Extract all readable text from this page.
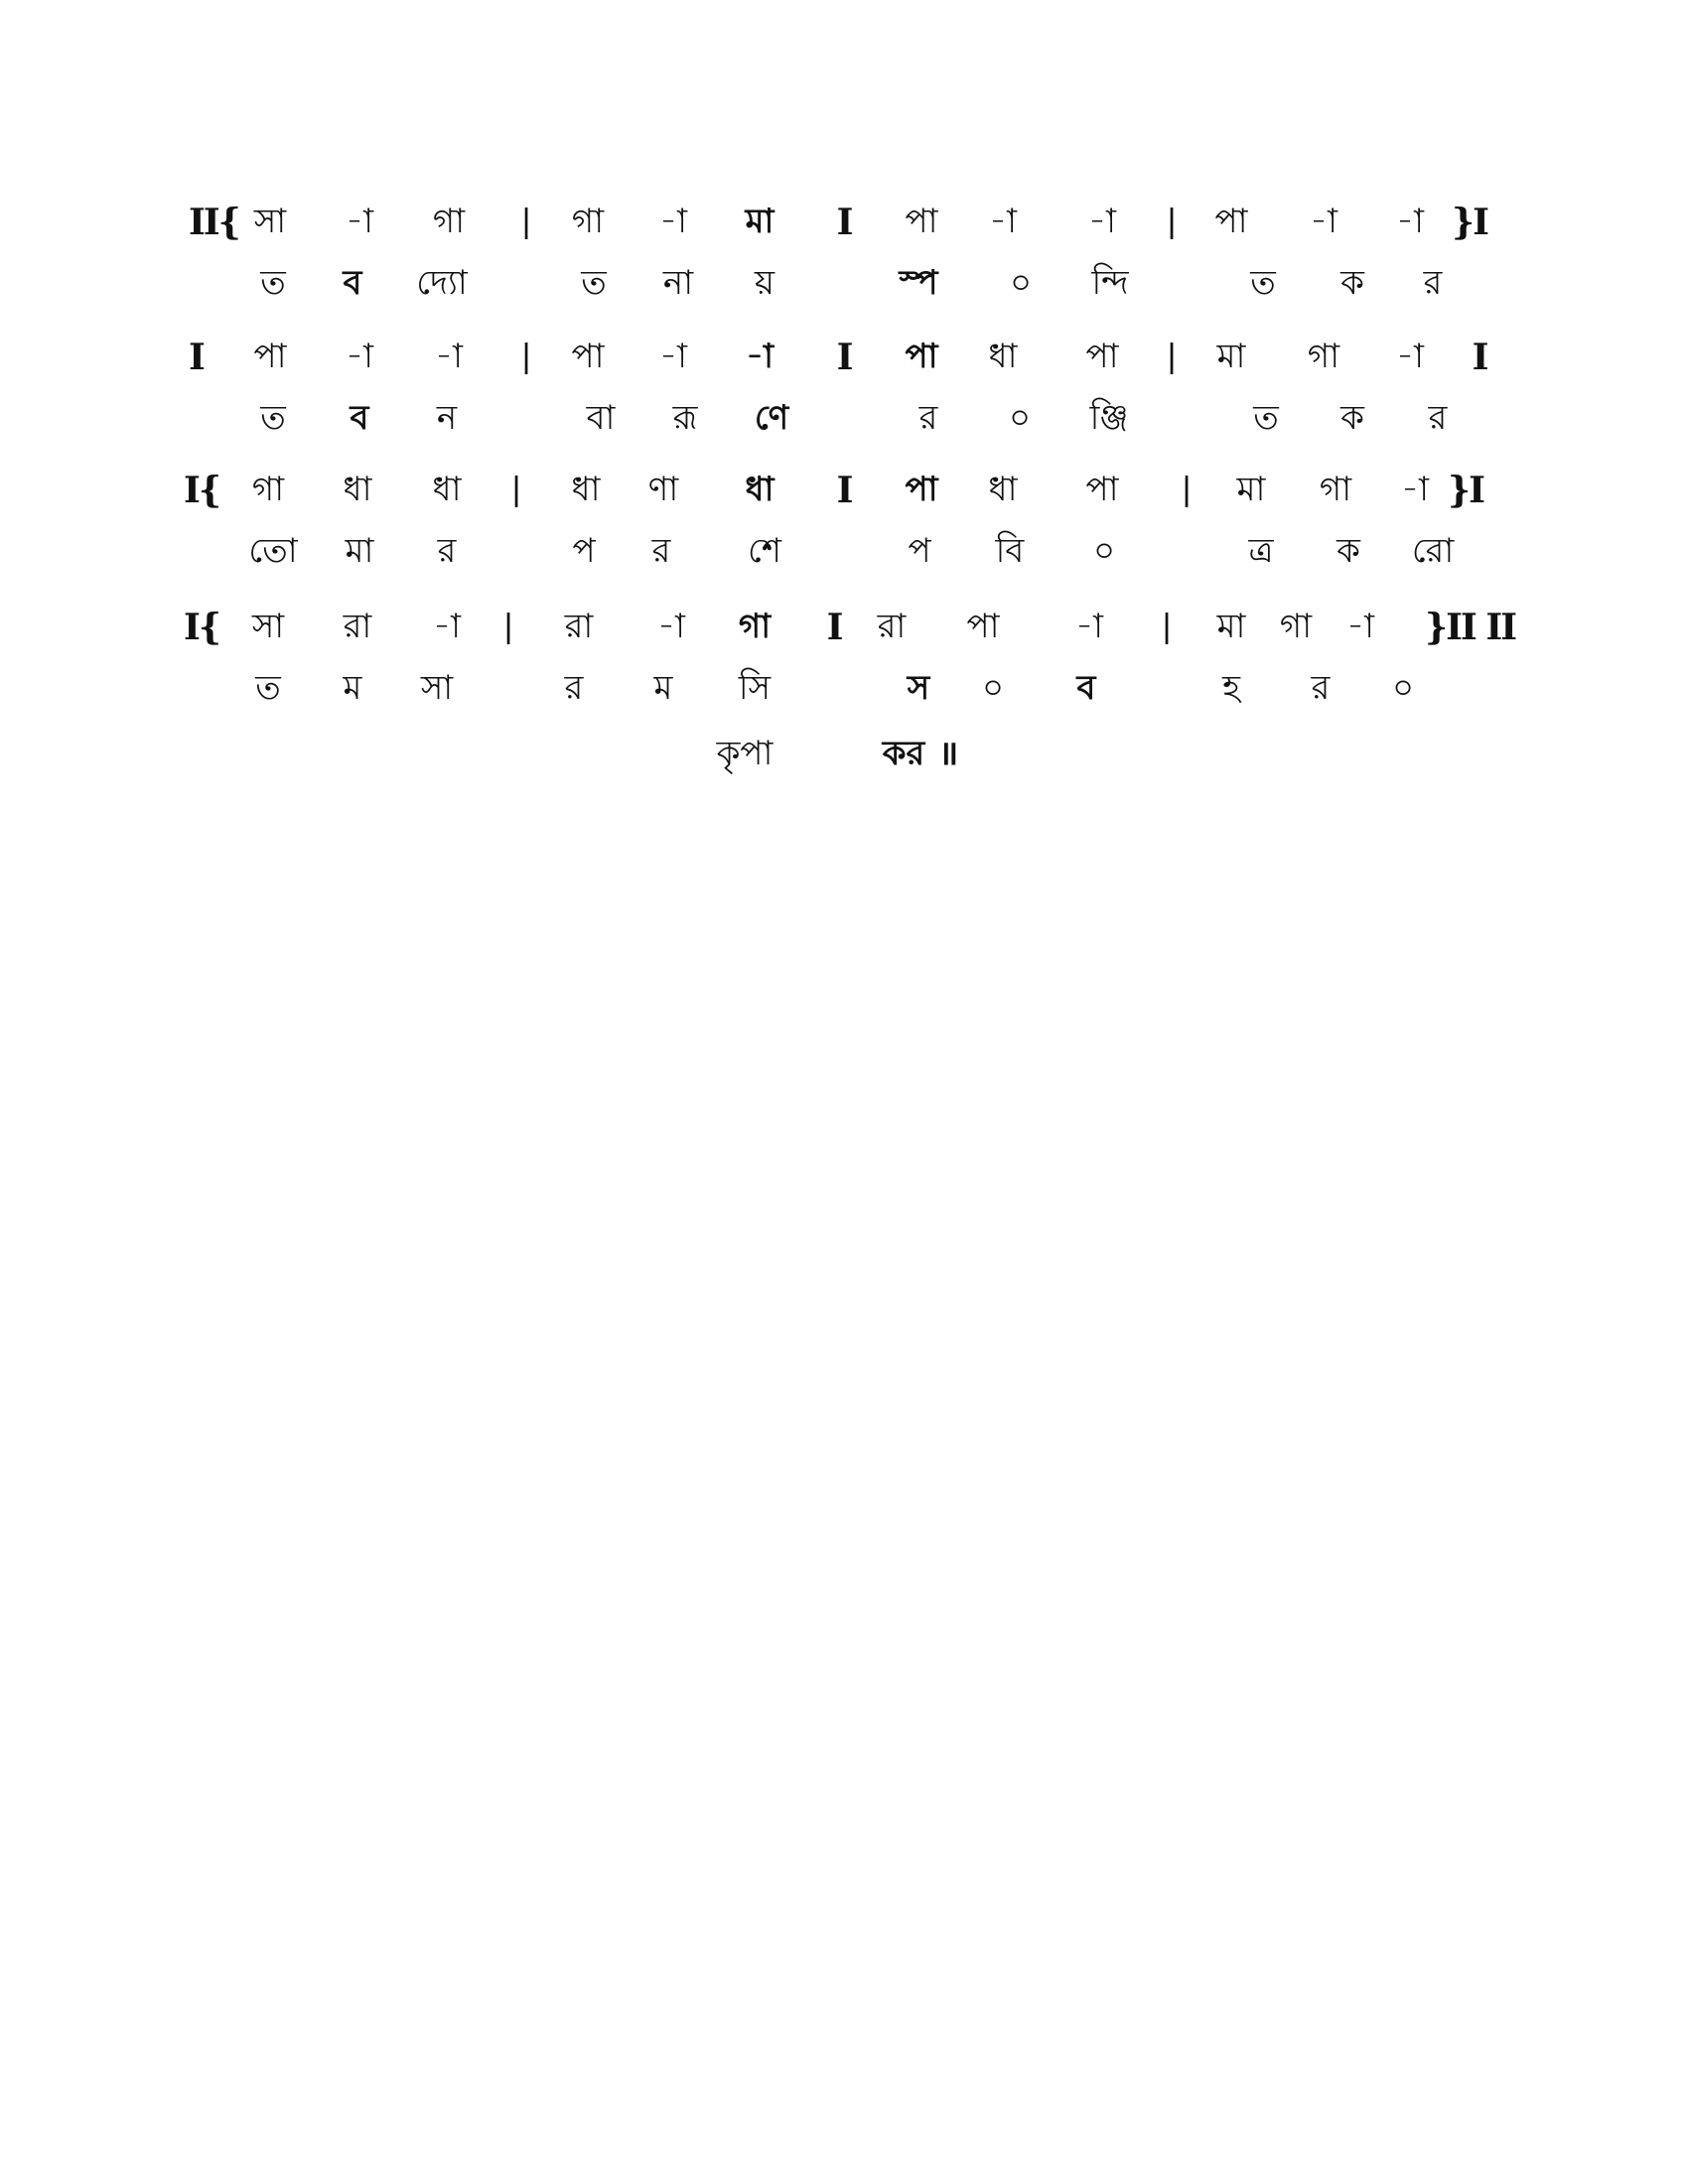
II{ সা -া গা | গা -া মা I পা -া -া | পা -া -া }I
ত ব দ্যো	ত না য়	স্প ০ ন্দি	ত ক র
I পা -া -া | পা -া -া I পা ধা পা | মা গা -া I
ত ব ন	বা রূ ণে	র ০ ঞ্জি	ত ক র
I{ গা ধা ধা | ধা ণা ধা I পা ধা পা | মা গা -া }I
তো মা র	প র শে	প বি ০	ত্র ক রো
I{ সা রা -া | রা -া গা I রা পা -া | মা গা -া }II II
ত ম সা	র ম সি	স ০ ব	হ র ০
কৃপা	কর ॥
